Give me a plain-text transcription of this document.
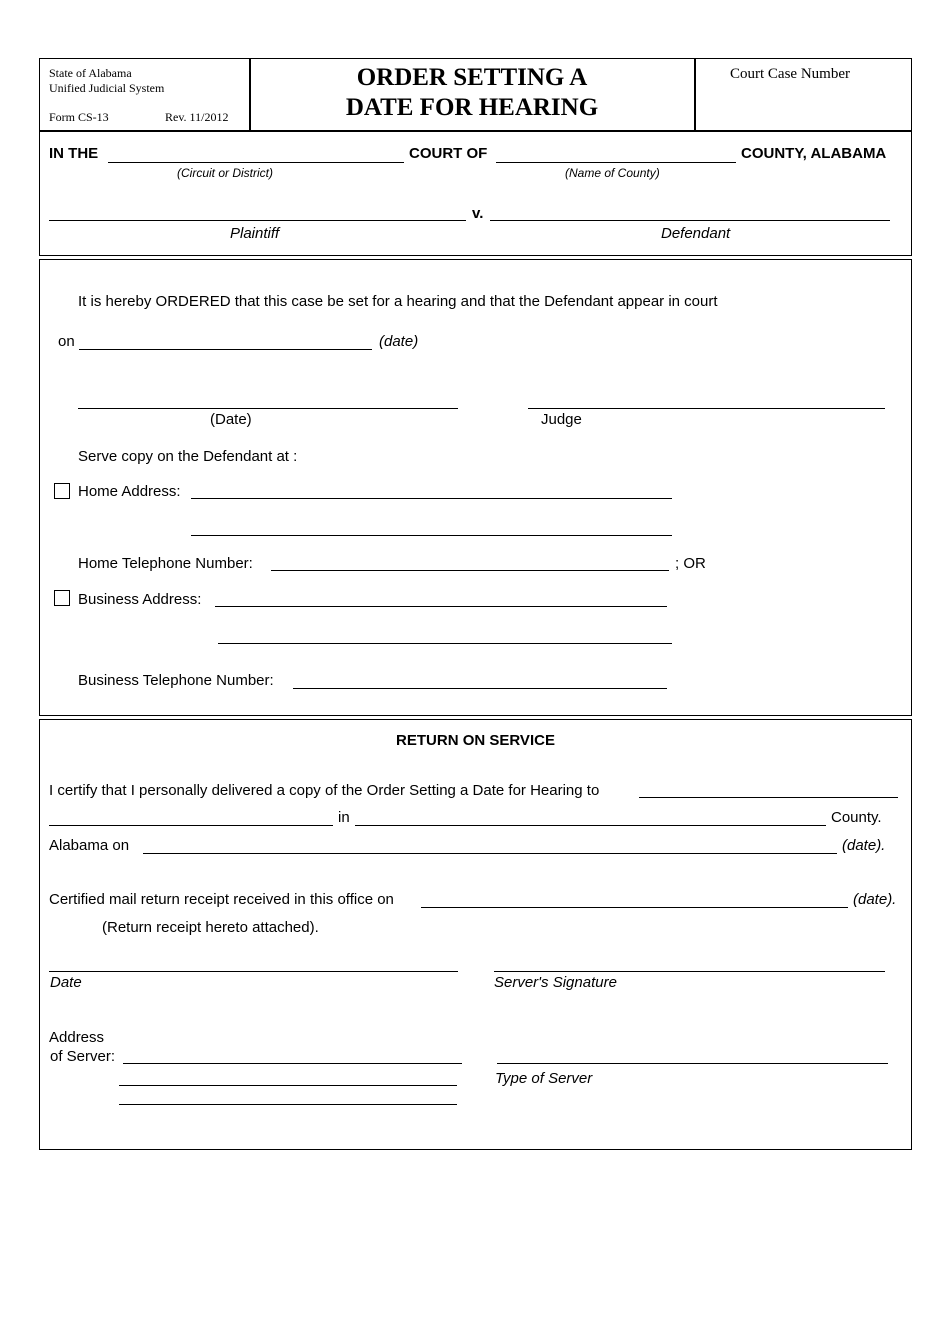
State of Alabama
Unified Judicial System
Form CS-13	Rev. 11/2012
ORDER SETTING A
DATE FOR HEARING
Court Case Number
IN THE	COURT OF	COUNTY, ALABAMA
(Circuit or District)	(Name of County)
v.
Plaintiff	Defendant
It is hereby ORDERED that this case be set for a hearing and that the Defendant appear in court
on	(date)
(Date)	Judge
Serve copy on the Defendant at :
Home Address:
Home Telephone Number:	; OR
Business Address:
Business Telephone Number:
RETURN ON SERVICE
I certify that I personally delivered a copy of the Order Setting a Date for Hearing to
in	County.
Alabama on	(date).
Certified mail return receipt received in this office on	(date).
(Return receipt hereto attached).
Date	Server's Signature
Address
of Server:
Type of Server
